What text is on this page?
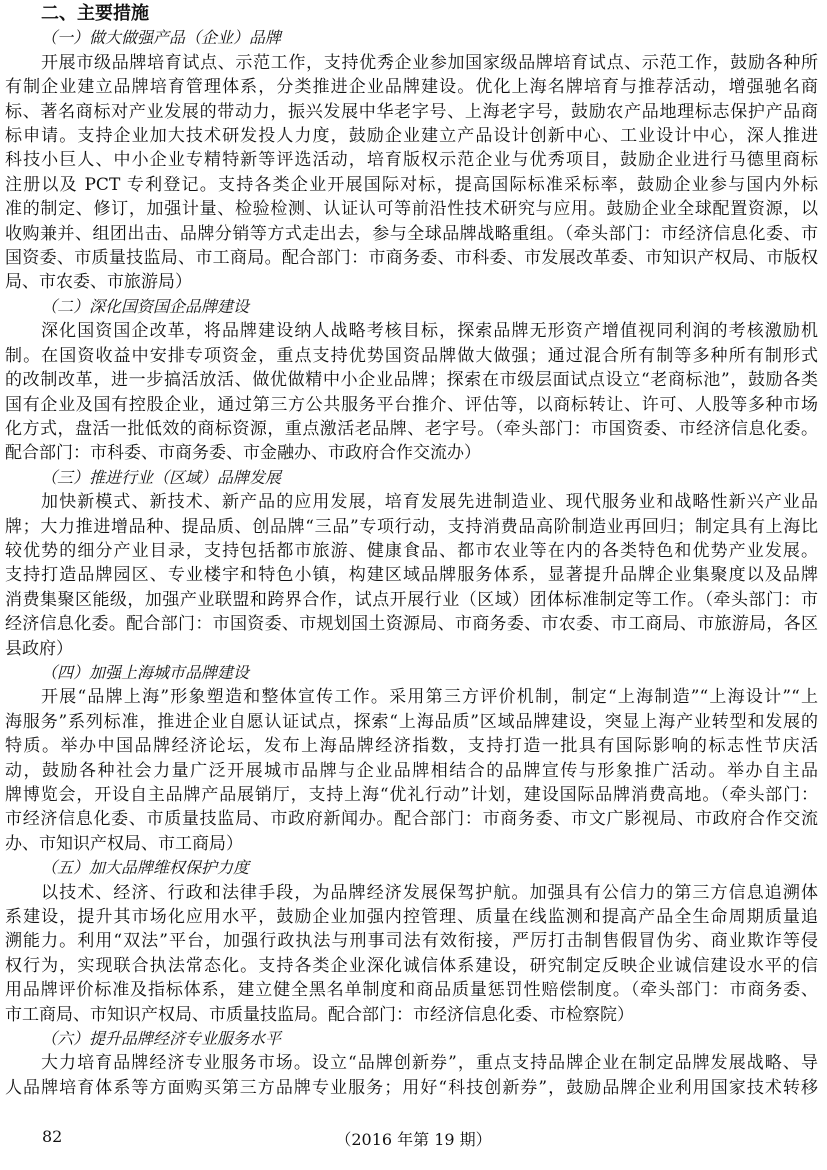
二、主要措施
（一）做大做强产品（企业）品牌
开展市级品牌培育试点、示范工作，支持优秀企业参加国家级品牌培育试点、示范工作，鼓励各种所
有制企业建立品牌培育管理体系，分类推进企业品牌建设。优化上海名牌培育与推荐活动，增强驰名商
标、著名商标对产业发展的带动力，振兴发展中华老字号、上海老字号，鼓励农产品地理标志保护产品商
标申请。支持企业加大技术研发投人力度，鼓励企业建立产品设计创新中心、工业设计中心，深人推进
科技小巨人、中小企业专精特新等评选活动，培育版权示范企业与优秀项目，鼓励企业进行马德里商标
注册以及 PCT 专利登记。支持各类企业开展国际对标，提高国际标准采标率，鼓励企业参与国内外标
准的制定、修订，加强计量、检验检测、认证认可等前沿性技术研究与应用。鼓励企业全球配置资源，以
收购兼并、组团出击、品牌分销等方式走出去，参与全球品牌战略重组。（牵头部门：市经济信息化委、市
国资委、市质量技监局、市工商局。配合部门：市商务委、市科委、市发展改革委、市知识产权局、市版权
局、市农委、市旅游局）
（二）深化国资国企品牌建设
深化国资国企改革，将品牌建设纳人战略考核目标，探索品牌无形资产增值视同利润的考核激励机
制。在国资收益中安排专项资金，重点支持优势国资品牌做大做强；通过混合所有制等多种所有制形式
的改制改革，进一步搞活放活、做优做精中小企业品牌；探索在市级层面试点设立“老商标池”，鼓励各类
国有企业及国有控股企业，通过第三方公共服务平台推介、评估等，以商标转让、许可、人股等多种市场
化方式，盘活一批低效的商标资源，重点激活老品牌、老字号。（牵头部门：市国资委、市经济信息化委。
配合部门：市科委、市商务委、市金融办、市政府合作交流办）
（三）推进行业（区域）品牌发展
加快新模式、新技术、新产品的应用发展，培育发展先进制造业、现代服务业和战略性新兴产业品
牌；大力推进增品种、提品质、创品牌“三品”专项行动，支持消费品高阶制造业再回归；制定具有上海比
较优势的细分产业目录，支持包括都市旅游、健康食品、都市农业等在内的各类特色和优势产业发展。
支持打造品牌园区、专业楼宇和特色小镇，构建区域品牌服务体系，显著提升品牌企业集聚度以及品牌
消费集聚区能级，加强产业联盟和跨界合作，试点开展行业（区域）团体标准制定等工作。（牵头部门：市
经济信息化委。配合部门：市国资委、市规划国土资源局、市商务委、市农委、市工商局、市旅游局，各区
县政府）
（四）加强上海城市品牌建设
开展“品牌上海”形象塑造和整体宣传工作。采用第三方评价机制，制定“上海制造”“上海设计”“上
海服务”系列标准，推进企业自愿认证试点，探索“上海品质”区域品牌建设，突显上海产业转型和发展的
特质。举办中国品牌经济论坛，发布上海品牌经济指数，支持打造一批具有国际影响的标志性节庆活
动，鼓励各种社会力量广泛开展城市品牌与企业品牌相结合的品牌宣传与形象推广活动。举办自主品
牌博览会，开设自主品牌产品展销厅，支持上海“优礼行动”计划，建设国际品牌消费高地。（牵头部门：
市经济信息化委、市质量技监局、市政府新闻办。配合部门：市商务委、市文广影视局、市政府合作交流
办、市知识产权局、市工商局）
（五）加大品牌维权保护力度
以技术、经济、行政和法律手段，为品牌经济发展保驾护航。加强具有公信力的第三方信息追溯体
系建设，提升其市场化应用水平，鼓励企业加强内控管理、质量在线监测和提高产品全生命周期质量追
溯能力。利用“双法”平台，加强行政执法与刑事司法有效衔接，严厉打击制售假冒伪劣、商业欺诈等侵
权行为，实现联合执法常态化。支持各类企业深化诚信体系建设，研究制定反映企业诚信建设水平的信
用品牌评价标准及指标体系，建立健全黑名单制度和商品质量惩罚性赔偿制度。（牵头部门：市商务委、
市工商局、市知识产权局、市质量技监局。配合部门：市经济信息化委、市检察院）
（六）提升品牌经济专业服务水平
大力培育品牌经济专业服务市场。设立“品牌创新券”，重点支持品牌企业在制定品牌发展战略、导
人品牌培育体系等方面购买第三方品牌专业服务；用好“科技创新券”，鼓励品牌企业利用国家技术转移
82	（2016 年第 19 期）
